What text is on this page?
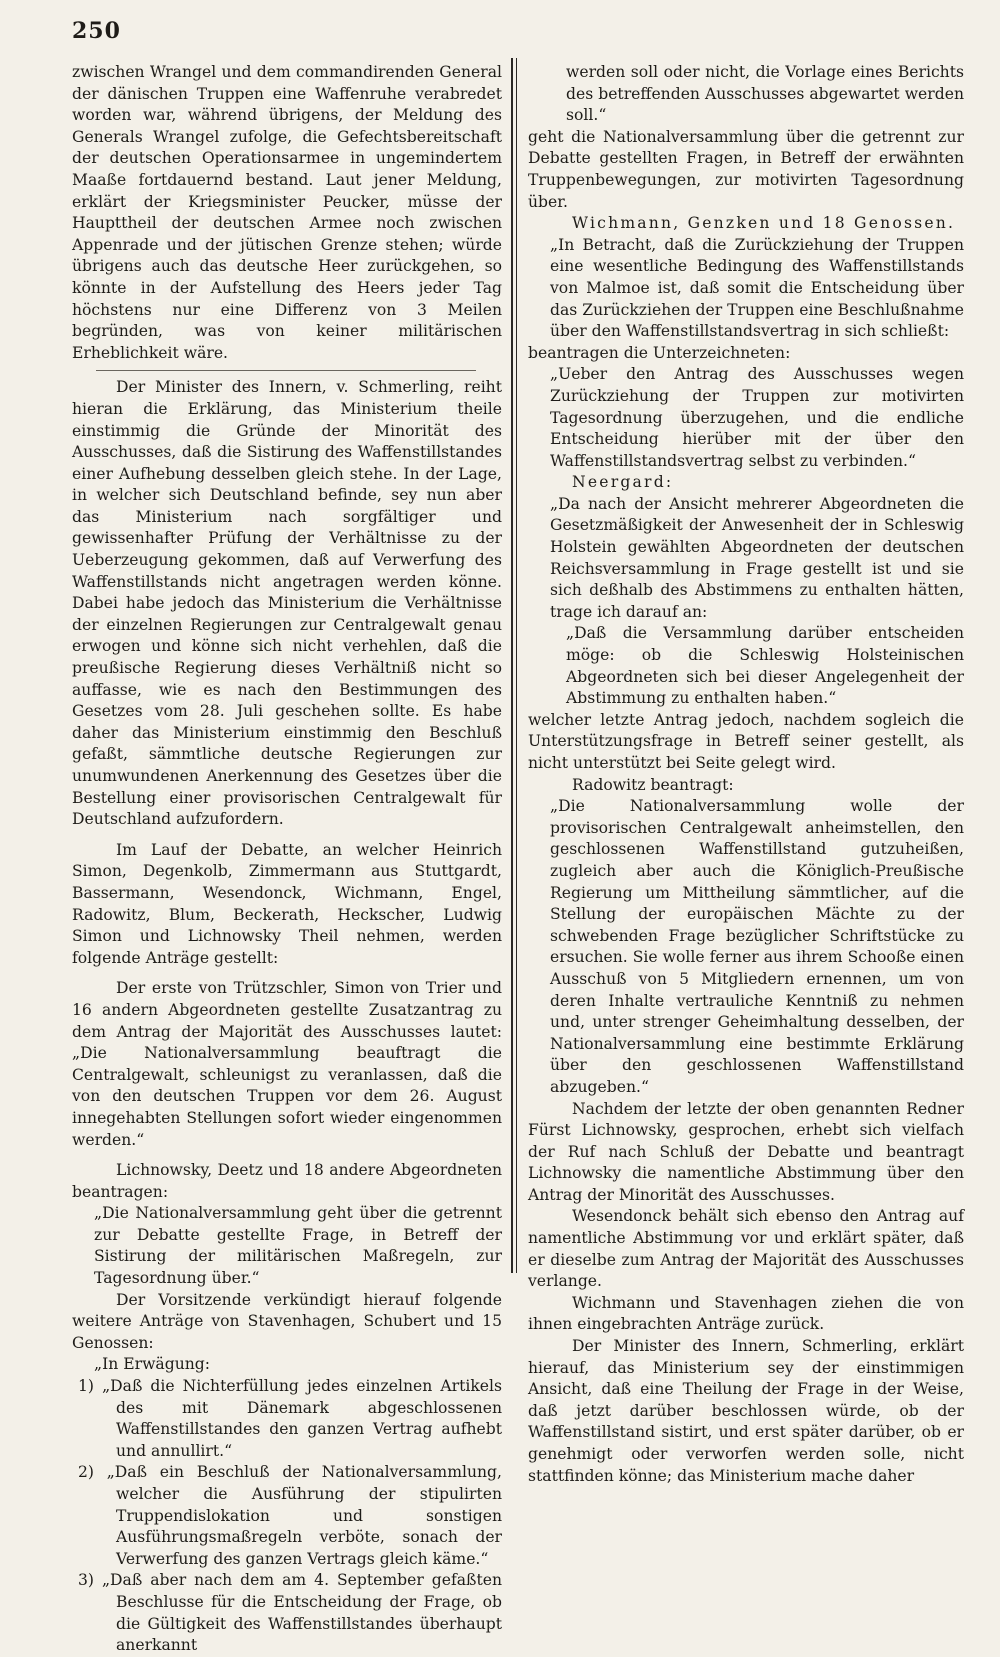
250

zwischen Wrangel und dem commandirenden General der dänischen Truppen eine Waffenruhe verabredet worden war, während übrigens, der Meldung des Generals Wrangel zufolge, die Gefechtsbereitschaft der deutschen Operationsarmee in ungemindertem Maaße fortdauernd bestand. Laut jener Meldung, erklärt der Kriegsminister Peucker, müsse der Haupttheil der deutschen Armee noch zwischen Appenrade und der jütischen Grenze stehen; würde übrigens auch das deutsche Heer zurückgehen, so könnte in der Aufstellung des Heers jeder Tag höchstens nur eine Differenz von 3 Meilen begründen, was von keiner militärischen Erheblichkeit wäre.

Der Minister des Innern, v. Schmerling, reiht hieran die Erklärung, das Ministerium theile einstimmig die Gründe der Minorität des Ausschusses, daß die Sistirung des Waffenstillstandes einer Aufhebung desselben gleich stehe. In der Lage, in welcher sich Deutschland befinde, sey nun aber das Ministerium nach sorgfältiger und gewissenhafter Prüfung der Verhältnisse zu der Ueberzeugung gekommen, daß auf Verwerfung des Waffenstillstands nicht angetragen werden könne. Dabei habe jedoch das Ministerium die Verhältnisse der einzelnen Regierungen zur Centralgewalt genau erwogen und könne sich nicht verhehlen, daß die preußische Regierung dieses Verhältniß nicht so auffasse, wie es nach den Bestimmungen des Gesetzes vom 28. Juli geschehen sollte. Es habe daher das Ministerium einstimmig den Beschluß gefaßt, sämmtliche deutsche Regierungen zur unumwundenen Anerkennung des Gesetzes über die Bestellung einer provisorischen Centralgewalt für Deutschland aufzufordern.

Im Lauf der Debatte, an welcher Heinrich Simon, Degenkolb, Zimmermann aus Stuttgardt, Bassermann, Wesendonck, Wichmann, Engel, Radowitz, Blum, Beckerath, Heckscher, Ludwig Simon und Lichnowsky Theil nehmen, werden folgende Anträge gestellt:

Der erste von Trützschler, Simon von Trier und 16 andern Abgeordneten gestellte Zusatzantrag zu dem Antrag der Majorität des Ausschusses lautet: „Die Nationalversammlung beauftragt die Centralgewalt, schleunigst zu veranlassen, daß die von den deutschen Truppen vor dem 26. August innegehabten Stellungen sofort wieder eingenommen werden.“

Lichnowsky, Deetz und 18 andere Abgeordneten beantragen:

„Die Nationalversammlung geht über die getrennt zur Debatte gestellte Frage, in Betreff der Sistirung der militärischen Maßregeln, zur Tagesordnung über.“

Der Vorsitzende verkündigt hierauf folgende weitere Anträge von Stavenhagen, Schubert und 15 Genossen:

„In Erwägung:

1) „Daß die Nichterfüllung jedes einzelnen Artikels des mit Dänemark abgeschlossenen Waffenstillstandes den ganzen Vertrag aufhebt und annullirt.“

2) „Daß ein Beschluß der Nationalversammlung, welcher die Ausführung der stipulirten Truppendislokation und sonstigen Ausführungsmaßregeln verböte, sonach der Verwerfung des ganzen Vertrags gleich käme.“

3) „Daß aber nach dem am 4. September gefaßten Beschlusse für die Entscheidung der Frage, ob die Gültigkeit des Waffenstillstandes überhaupt anerkannt

werden soll oder nicht, die Vorlage eines Berichts des betreffenden Ausschusses abgewartet werden soll.“

geht die Nationalversammlung über die getrennt zur Debatte gestellten Fragen, in Betreff der erwähnten Truppenbewegungen, zur motivirten Tagesordnung über.

Wichmann, Genzken und 18 Genossen.

„In Betracht, daß die Zurückziehung der Truppen eine wesentliche Bedingung des Waffenstillstands von Malmoe ist, daß somit die Entscheidung über das Zurückziehen der Truppen eine Beschlußnahme über den Waffenstillstandsvertrag in sich schließt:

beantragen die Unterzeichneten:

„Ueber den Antrag des Ausschusses wegen Zurückziehung der Truppen zur motivirten Tagesordnung überzugehen, und die endliche Entscheidung hierüber mit der über den Waffenstillstandsvertrag selbst zu verbinden.“

Neergard:

„Da nach der Ansicht mehrerer Abgeordneten die Gesetzmäßigkeit der Anwesenheit der in Schleswig Holstein gewählten Abgeordneten der deutschen Reichsversammlung in Frage gestellt ist und sie sich deßhalb des Abstimmens zu enthalten hätten, trage ich darauf an:

„Daß die Versammlung darüber entscheiden möge: ob die Schleswig Holsteinischen Abgeordneten sich bei dieser Angelegenheit der Abstimmung zu enthalten haben.“

welcher letzte Antrag jedoch, nachdem sogleich die Unterstützungsfrage in Betreff seiner gestellt, als nicht unterstützt bei Seite gelegt wird.

Radowitz beantragt:

„Die Nationalversammlung wolle der provisorischen Centralgewalt anheimstellen, den geschlossenen Waffenstillstand gutzuheißen, zugleich aber auch die Königlich-Preußische Regierung um Mittheilung sämmtlicher, auf die Stellung der europäischen Mächte zu der schwebenden Frage bezüglicher Schriftstücke zu ersuchen. Sie wolle ferner aus ihrem Schooße einen Ausschuß von 5 Mitgliedern ernennen, um von deren Inhalte vertrauliche Kenntniß zu nehmen und, unter strenger Geheimhaltung desselben, der Nationalversammlung eine bestimmte Erklärung über den geschlossenen Waffenstillstand abzugeben.“

Nachdem der letzte der oben genannten Redner Fürst Lichnowsky, gesprochen, erhebt sich vielfach der Ruf nach Schluß der Debatte und beantragt Lichnowsky die namentliche Abstimmung über den Antrag der Minorität des Ausschusses.

Wesendonck behält sich ebenso den Antrag auf namentliche Abstimmung vor und erklärt später, daß er dieselbe zum Antrag der Majorität des Ausschusses verlange.

Wichmann und Stavenhagen ziehen die von ihnen eingebrachten Anträge zurück.

Der Minister des Innern, Schmerling, erklärt hierauf, das Ministerium sey der einstimmigen Ansicht, daß eine Theilung der Frage in der Weise, daß jetzt darüber beschlossen würde, ob der Waffenstillstand sistirt, und erst später darüber, ob er genehmigt oder verworfen werden solle, nicht stattfinden könne; das Ministerium mache daher
